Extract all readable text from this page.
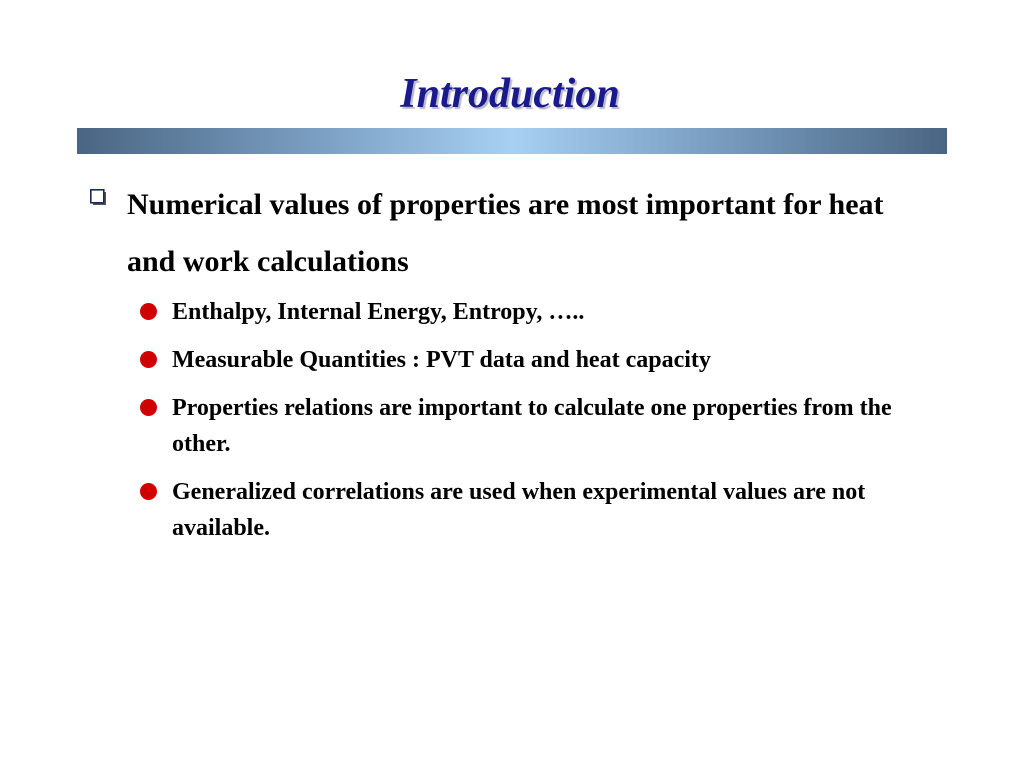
Introduction
Numerical values of properties are most important for heat and work calculations
Enthalpy, Internal Energy, Entropy, …..
Measurable Quantities : PVT data and heat capacity
Properties relations are important to calculate one properties from the other.
Generalized correlations are used when experimental values are not available.
